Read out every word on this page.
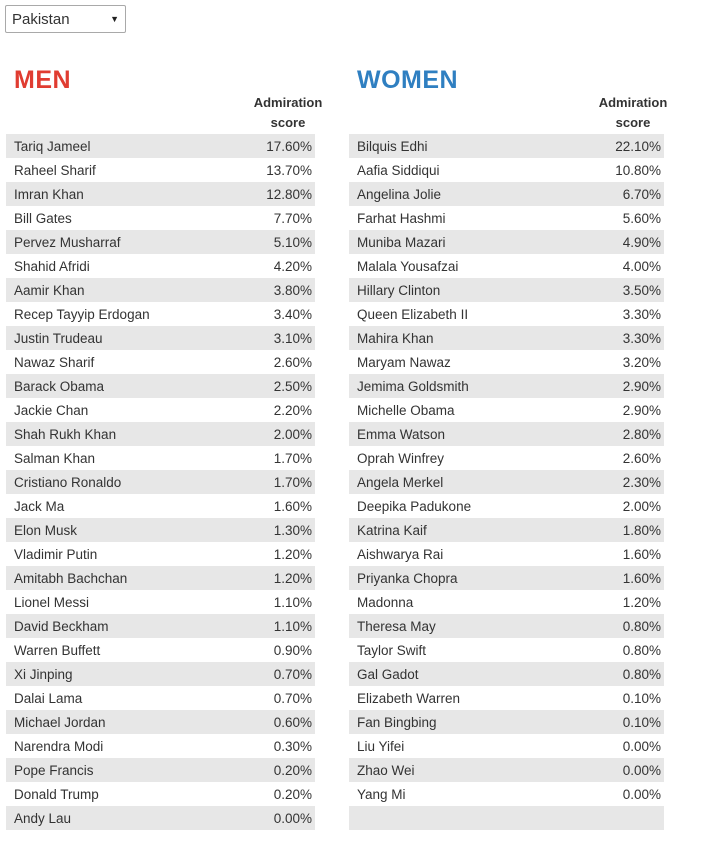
Pakistan	▼
MEN
Admiration
score
Tariq Jameel	17.60%
Raheel Sharif	13.70%
Imran Khan	12.80%
Bill Gates	7.70%
Pervez Musharraf	5.10%
Shahid Afridi	4.20%
Aamir Khan	3.80%
Recep Tayyip Erdogan	3.40%
Justin Trudeau	3.10%
Nawaz Sharif	2.60%
Barack Obama	2.50%
Jackie Chan	2.20%
Shah Rukh Khan	2.00%
Salman Khan	1.70%
Cristiano Ronaldo	1.70%
Jack Ma	1.60%
Elon Musk	1.30%
Vladimir Putin	1.20%
Amitabh Bachchan	1.20%
Lionel Messi	1.10%
David Beckham	1.10%
Warren Buffett	0.90%
Xi Jinping	0.70%
Dalai Lama	0.70%
Michael Jordan	0.60%
Narendra Modi	0.30%
Pope Francis	0.20%
Donald Trump	0.20%
Andy Lau	0.00%
WOMEN
Admiration
score
Bilquis Edhi	22.10%
Aafia Siddiqui	10.80%
Angelina Jolie	6.70%
Farhat Hashmi	5.60%
Muniba Mazari	4.90%
Malala Yousafzai	4.00%
Hillary Clinton	3.50%
Queen Elizabeth II	3.30%
Mahira Khan	3.30%
Maryam Nawaz	3.20%
Jemima Goldsmith	2.90%
Michelle Obama	2.90%
Emma Watson	2.80%
Oprah Winfrey	2.60%
Angela Merkel	2.30%
Deepika Padukone	2.00%
Katrina Kaif	1.80%
Aishwarya Rai	1.60%
Priyanka Chopra	1.60%
Madonna	1.20%
Theresa May	0.80%
Taylor Swift	0.80%
Gal Gadot	0.80%
Elizabeth Warren	0.10%
Fan Bingbing	0.10%
Liu Yifei	0.00%
Zhao Wei	0.00%
Yang Mi	0.00%
